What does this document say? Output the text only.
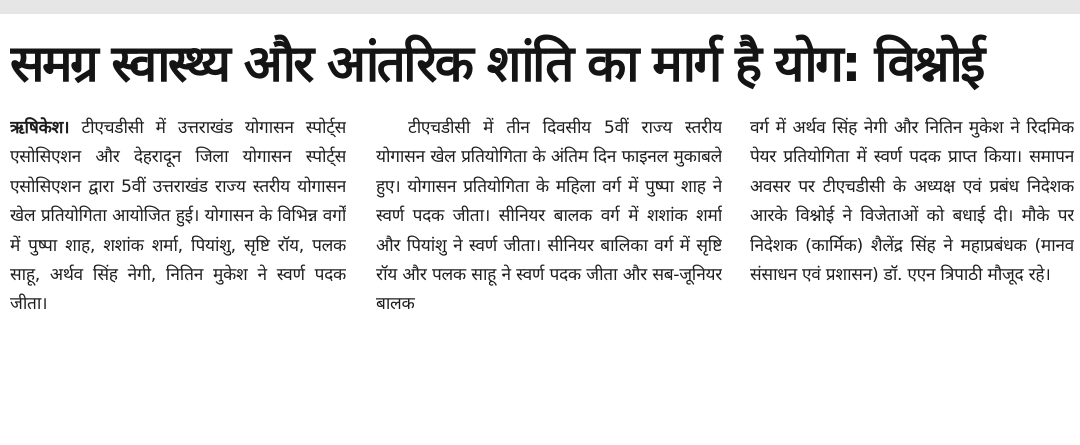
समग्र स्वास्थ्य और आंतरिक शांति का मार्ग है योग: विश्नोई

ऋषिकेश। टीएचडीसी में उत्तराखंड योगासन स्पोर्ट्स एसोसिएशन और देहरादून जिला योगासन स्पोर्ट्स एसोसिएशन द्वारा 5वीं उत्तराखंड राज्य स्तरीय योगासन खेल प्रतियोगिता आयोजित हुई। योगासन के विभिन्न वर्गों में पुष्पा शाह, शशांक शर्मा, पियांशु, सृष्टि रॉय, पलक साहू, अर्थव सिंह नेगी, नितिन मुकेश ने स्वर्ण पदक जीता।

टीएचडीसी में तीन दिवसीय 5वीं राज्य स्तरीय योगासन खेल प्रतियोगिता के अंतिम दिन फाइनल मुकाबले हुए। योगासन प्रतियोगिता के महिला वर्ग में पुष्पा शाह ने स्वर्ण पदक जीता। सीनियर बालक वर्ग में शशांक शर्मा और पियांशु ने स्वर्ण जीता। सीनियर बालिका वर्ग में सृष्टि रॉय और पलक साहू ने स्वर्ण पदक जीता और सब-जूनियर बालक

वर्ग में अर्थव सिंह नेगी और नितिन मुकेश ने रिदमिक पेयर प्रतियोगिता में स्वर्ण पदक प्राप्त किया। समापन अवसर पर टीएचडीसी के अध्यक्ष एवं प्रबंध निदेशक आरके विश्नोई ने विजेताओं को बधाई दी। मौके पर निदेशक (कार्मिक) शैलेंद्र सिंह ने महाप्रबंधक (मानव संसाधन एवं प्रशासन) डॉ. एएन त्रिपाठी मौजूद रहे।
